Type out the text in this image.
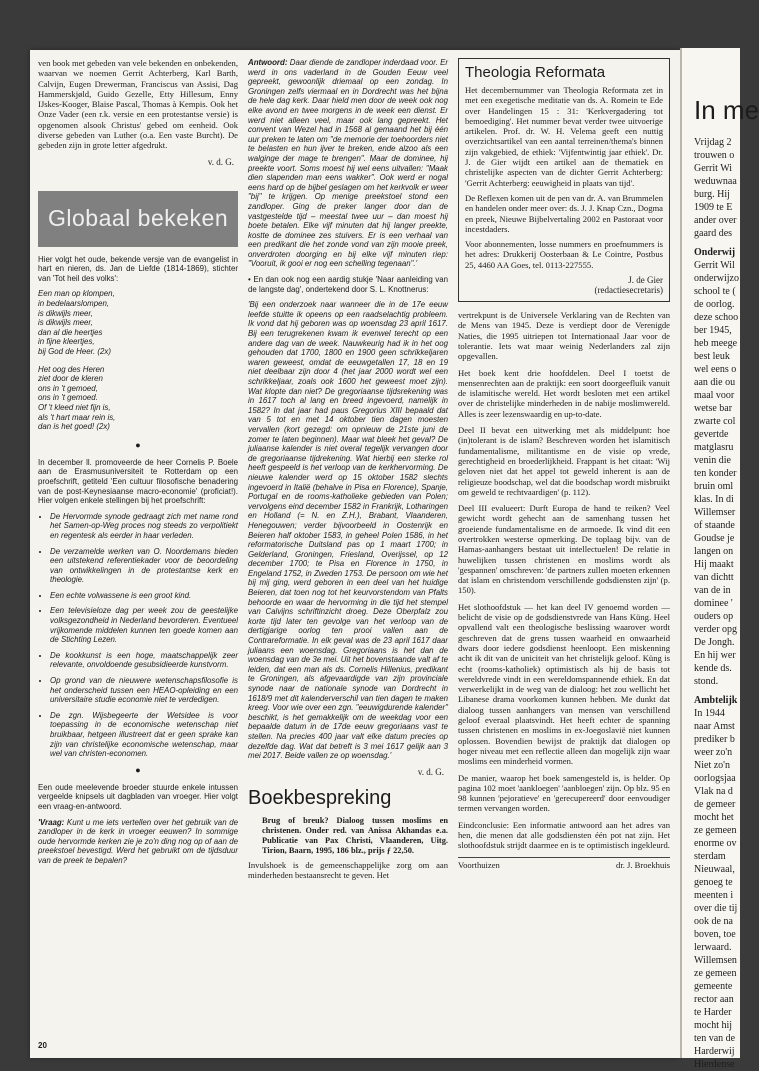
ven book met gebeden van vele bekenden en onbekenden, waarvan we noemen Gerrit Achterberg, Karl Barth, Calvijn, Eugen Drewerman, Franciscus van Assisi, Dag Hammerskjøld, Guido Gezelle, Etty Hillesum, Enny IJskes-Kooger, Blaise Pascal, Thomas à Kempis. Ook het Onze Vader (een r.k. versie en een protestantse versie) is opgenomen alsook Christus' gebed om eenheid. Ook diverse gebeden van Luther (o.a. Een vaste Burcht). De gebeden zijn in grote letter afgedrukt.

v. d. G.
Globaal bekeken

Hier volgt het oude, bekende versje van de evangelist in hart en nieren, ds. Jan de Liefde (1814-1869), stichter van 'Tot heil des volks':

Een man op klompen,
in bedelaarslompen,
is dikwijls meer,
is dikwijls meer,
dan al die heertjes
in fijne kleertjes,
bij God de Heer. (2x)
Het oog des Heren
ziet door de kleren
ons in 't gemoed,
ons in 't gemoed.
Of 't kleed niet fijn is,
als 't hart maar rein is,
dan is het goed! (2x)
●

In december ll. promoveerde de heer Cornelis P. Boele aan de Erasmusuniversiteit te Rotterdam op een proefschrift, getiteld 'Een cultuur filosofische benadering van de post-Keynesiaanse macro-economie' (proficiat!). Hier volgen enkele stellingen bij het proefschrift:

• De Hervormde synode gedraagt zich met name rond het Samen-op-Weg proces nog steeds zo verpolitiekt en regentesk als eerder in haar verleden.
• De verzamelde werken van O. Noordemans bieden een uitstekend referentiekader voor de beoordeling van ontwikkelingen in de protestantse kerk en theologie.
• Een echte volwassene is een groot kind.
• Een televisieloze dag per week zou de geestelijke volksgezondheid in Nederland bevorderen. Eventueel vrijkomende middelen kunnen ten goede komen aan de Stichting Lezen.
• De kookkunst is een hoge, maatschappelijk zeer relevante, onvoldoende gesubsidieerde kunstvorm.
• Op grond van de nieuwere wetenschapsfilosofie is het onderscheid tussen een HEAO-opleiding en een universitaire studie economie niet te verdedigen.
• De zgn. Wijsbegeerte der Wetsidee is voor toepassing in de economische wetenschap niet bruikbaar, hetgeen illustreert dat er geen sprake kan zijn van christelijke economische wetenschap, maar wel van christen-economen.
●

Een oude meelevende broeder stuurde enkele intussen vergeelde knipsels uit dagbladen van vroeger. Hier volgt een vraag-en-antwoord.

'Vraag: Kunt u me iets vertellen over het gebruik van de zandloper in de kerk in vroeger eeuwen? In sommige oude hervormde kerken zie je zo'n ding nog op of aan de preekstoel bevestigd. Werd het gebruikt om de tijdsduur van de preek te bepalen?

Antwoord: Daar diende de zandloper inderdaad voor. Er werd in ons vaderland in de Gouden Eeuw veel gepreekt, gewoonlijk driemaal op een zondag. In Groningen zelfs viermaal en in Dordrecht was het bijna de hele dag kerk. Daar hield men door de week ook nog elke avond en twee morgens in de week een dienst. Er werd niet alleen veel, maar ook lang gepreekt. Het convent van Wezel had in 1568 al gemaand het bij één uur preken te laten om "de memorie der toehoorders niet te belasten en hun ijver te breken, ende alzoo als een walginge der mage te brengen". Maar de dominee, hij preekte voort. Soms moest hij wel eens uitvallen: "Maak dien slapenden man eens wakker". Ook werd er nogal eens hard op de bijbel geslagen om het kerkvolk er weer "bij" te krijgen. Op menige preekstoel stond een zandloper. Ging de preker langer door dan de vastgestelde tijd – meestal twee uur – dan moest hij boete betalen. Elke vijf minuten dat hij langer preekte, kostte de dominee zes stuivers. Er is een verhaal van een predikant die het zonde vond van zijn mooie preek, onverdroten doorging en bij elke vijf minuten riep: "Vooruit, ik gooi er nog een schelling tegenaan".'

• En dan ook nog een aardig stukje 'Naar aanleiding van de langste dag', ondertekend door S. L. Knottnerus:

'Bij een onderzoek naar wanneer die in de 17e eeuw leefde stuitte ik opeens op een raadselachtig probleem. Ik vond dat hij geboren was op woensdag 23 april 1617. Bij een terugrekenen kwam ik evenwel terecht op een andere dag van de week. Nauwkeurig had ik in het oog gehouden dat 1700, 1800 en 1900 geen schrikkeljaren waren geweest, omdat de eeuwgetallen 17, 18 en 19 niet deelbaar zijn door 4 (het jaar 2000 wordt wel een schrikkeljaar, zoals ook 1600 het geweest moet zijn). Wat klopte dan niet? De gregoriaanse tijdsrekening was in 1617 toch al lang en breed ingevoerd, namelijk in 1582? In dat jaar had paus Gregorius XIII bepaald dat van 5 tot en met 14 oktober tien dagen moesten vervallen (kort gezegd: om opnieuw de 21ste juni de zomer te laten beginnen). Maar wat bleek het geval? De juliaanse kalender is niet overal tegelijk vervangen door de gregoriaanse tijdrekening. Wat hierbij een sterke rol heeft gespeeld is het verloop van de kerkhervorming. De nieuwe kalender werd op 15 oktober 1582 slechts ingevoerd in Italië (behalve in Pisa en Florence), Spanje, Portugal en de rooms-katholieke gebieden van Polen; vervolgens eind december 1582 in Frankrijk, Lotharingen en Holland (= N. en Z.H.), Brabant, Vlaanderen, Henegouwen; verder bijvoorbeeld in Oostenrijk en Beieren half oktober 1583, in geheel Polen 1586, in het reformatorische Duitsland pas op 1 maart 1700; in Gelderland, Groningen, Friesland, Overijssel, op 12 december 1700; te Pisa en Florence in 1750, in Engeland 1752, in Zweden 1753. De persoon om wie het bij mij ging, werd geboren in een deel van het huidige Beieren, dat toen nog tot het keurvorstendom van Pfalts behoorde en waar de hervorming in die tijd het stempel van Calvijns schriftinzicht droeg. Deze Oberpfalz zou korte tijd later ten gevolge van het verloop van de dertigjarige oorlog ten prooi vallen aan de Contrareformatie. In elk geval was de 23 april 1617 daar juliaans een woensdag. Gregoriaans is het dan de woensdag van de 3e mei. Uit het bovenstaande valt af te leiden, dat een man als ds. Cornelis Hillenius, predikant te Groningen, als afgevaardigde van zijn provinciale synode naar de nationale synode van Dordrecht in 1618/9 met dit kalenderverschil van tien dagen te maken kreeg. Voor wie over een zgn. "eeuwigdurende kalender" beschikt, is het gemakkelijk om de weekdag voor een bepaalde datum in de 17de eeuw gregoriaans vast te stellen. Na precies 400 jaar valt elke datum precies op dezelfde dag. Wat dat betreft is 3 mei 1617 gelijk aan 3 mei 2017. Beide vallen ze op woensdag.'

v. d. G.
Boekbespreking

Brug of breuk? Dialoog tussen moslims en christenen. Onder red. van Anissa Akhandas e.a. Publicatie van Pax Christi, Vlaanderen, Uitg. Tirion, Baarn, 1995, 186 blz., prijs ƒ 22,50.

Invulshoek is de gemeenschappelijke zorg om aan minderheden bestaansrecht te geven. Het

Theologia Reformata

Het decembernummer van Theologia Reformata zet in met een exegetische meditatie van ds. A. Romein te Ede over Handelingen 15 : 31: 'Kerkvergadering tot bemoediging'. Het nummer bevat verder twee uitvoerige artikelen. Prof. dr. W. H. Velema geeft een nuttig overzichtsartikel van een aantal terreinen/thema's binnen zijn vakgebied, de ethiek: 'Vijfentwintig jaar ethiek'. Dr. J. de Gier wijdt een artikel aan de thematiek en christelijke aspecten van de dichter Gerrit Achterberg: 'Gerrit Achterberg: eeuwigheid in plaats van tijd'.

De Reflexen komen uit de pen van dr. A. van Brummelen en handelen onder meer over: ds. J. J. Knap Czn., Dogma en preek, Nieuwe Bijbelvertaling 2002 en Pastoraat voor incestdaders.

Voor abonnementen, losse nummers en proefnummers is het adres: Drukkerij Oosterbaan & Le Cointre, Postbus 25, 4460 AA Goes, tel. 0113-227555.

J. de Gier
(redactiesecretaris)

vertrekpunt is de Universele Verklaring van de Rechten van de Mens van 1945. Deze is verdiept door de Verenigde Naties, die 1995 uitriepen tot Internationaal Jaar voor de tolerantie. Iets wat maar weinig Nederlanders zal zijn opgevallen.

Het boek kent drie hoofddelen. Deel I toetst de mensenrechten aan de praktijk: een soort doorgeefluik vanuit de islamitische wereld. Het wordt besloten met een artikel over de christelijke minderheden in de nabije moslimwereld. Alles is zeer lezenswaardig en up-to-date.

Deel II bevat een uitwerking met als middelpunt: hoe (in)tolerant is de islam? Beschreven worden het islamitisch fundamentalisme, militantisme en de visie op vrede, gerechtigheid en broederlijkheid. Frappant is het citaat: 'Wij geloven niet dat het appel tot geweld inherent is aan de religieuze boodschap, wel dat die boodschap wordt misbruikt om geweld te rechtvaardigen' (p. 112).

Deel III evalueert: Durft Europa de hand te reiken? Veel gewicht wordt gehecht aan de samenhang tussen het groeiende fundamentalisme en de armoede. Ik vind dit een overtrokken westerse opmerking. De toplaag bijv. van de Hamas-aanhangers bestaat uit intellectuelen! De relatie in huwelijken tussen christenen en moslims wordt als 'gespannen' omschreven: 'de partners zullen moeten erkennen dat islam en christendom verschillende godsdiensten zijn' (p. 150).

Het slothoofdstuk — het kan deel IV genoemd worden — belicht de visie op de godsdienstvrede van Hans Küng. Heel opvallend valt een theologische beslissing waarover wordt geschreven dat de grens tussen waarheid en onwaarheid dwars door iedere godsdienst heenloopt. Een miskenning acht ik dit van de uniciteit van het christelijk geloof. Küng is echt (rooms-katholiek) optimistisch als hij de basis tot wereldvrede vindt in een wereldomspannende ethiek. En dat verwerkelijkt in de weg van de dialoog: het zou wellicht het Libanese drama voorkomen kunnen hebben. Me dunkt dat dialoog tussen aanhangers van mensen van verschillend geloof everaal plaatsvindt. Het heeft echter de spanning tussen christenen en moslims in ex-Joegoslavië niet kunnen oplossen. Bovendien bewijst de praktijk dat dialogen op hoger niveau met een reflectie alleen dan mogelijk zijn waar moslims een minderheid vormen.

De manier, waarop het boek samengesteld is, is helder. Op pagina 102 moet 'aankloegen' 'aanbloegen' zijn. Op blz. 95 en 98 kunnen 'pejoratieve' en 'gerecupereerd' door eenvoudiger termen vervangen worden.

Eindconclusie: Een informatie antwoord aan het adres van hen, die menen dat alle godsdiensten één pot nat zijn. Het slothoofdstuk strijdt daarmee en is te optimistisch ingekleurd.

Voorthuizen	dr. J. Broekhuis
20
In me
Vrijdag 2
trouwen o
Gerrit Wi
weduwnaa
burg. Hij
1909 te E
ander over
gaard des
Onderwij
Gerrit Wil
onderwijzo
school te (
de oorlog.
deze schoo
ber 1945,
heb meege
best leuk
wel eens o
aan die ou
maal voor
wetse bar
zwarte col
gevertde
matglasru
venin die
ten konder
bruin oml
klas. In di
Willemser
of staande
Goudse je
langen on
Hij maakt
van dichtt
van de in
dominee '
ouders op
verder opg
De Jongh.
En hij wer
kende ds.
stond.
Ambtelijk
In 1944
naar Amst
prediker b
weer zo'n
Niet zo'n
oorlogsjaa
Vlak na d
de gemeer
mocht het
ze gemeen
enorme ov
sterdam
Nieuwaal,
genoeg te
meenten i
over die tij
ook de na
boven, toe
lerwaard.
Willemsen
ze gemeen
gemeente
rector aan
te Harder
mocht hij
ten van de
Harderwij
Hierdense
